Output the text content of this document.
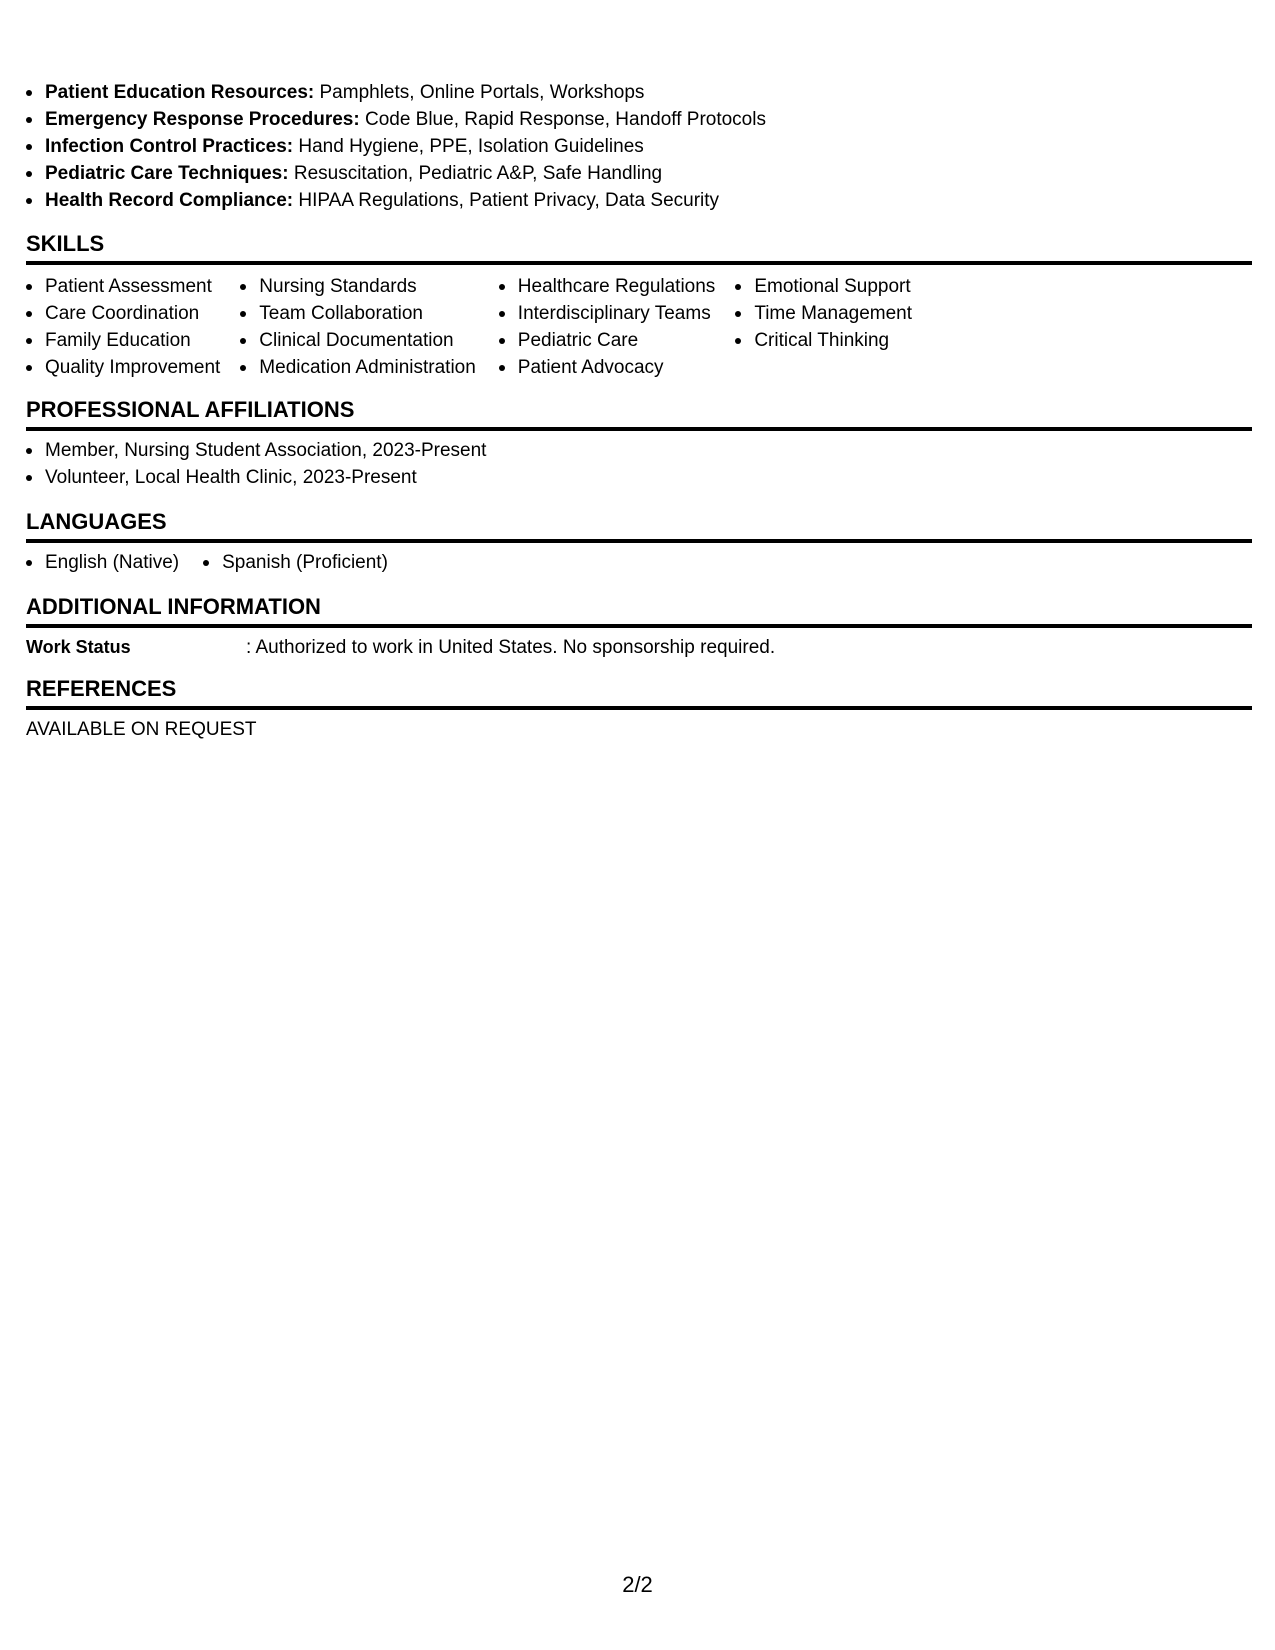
Patient Education Resources: Pamphlets, Online Portals, Workshops
Emergency Response Procedures: Code Blue, Rapid Response, Handoff Protocols
Infection Control Practices: Hand Hygiene, PPE, Isolation Guidelines
Pediatric Care Techniques: Resuscitation, Pediatric A&P, Safe Handling
Health Record Compliance: HIPAA Regulations, Patient Privacy, Data Security
SKILLS
Patient Assessment
Care Coordination
Family Education
Quality Improvement
Nursing Standards
Team Collaboration
Clinical Documentation
Medication Administration
Healthcare Regulations
Interdisciplinary Teams
Pediatric Care
Patient Advocacy
Emotional Support
Time Management
Critical Thinking
PROFESSIONAL AFFILIATIONS
Member, Nursing Student Association, 2023-Present
Volunteer, Local Health Clinic, 2023-Present
LANGUAGES
English (Native)	Spanish (Proficient)
ADDITIONAL INFORMATION
Work Status	: Authorized to work in United States. No sponsorship required.
REFERENCES
AVAILABLE ON REQUEST
2/2
